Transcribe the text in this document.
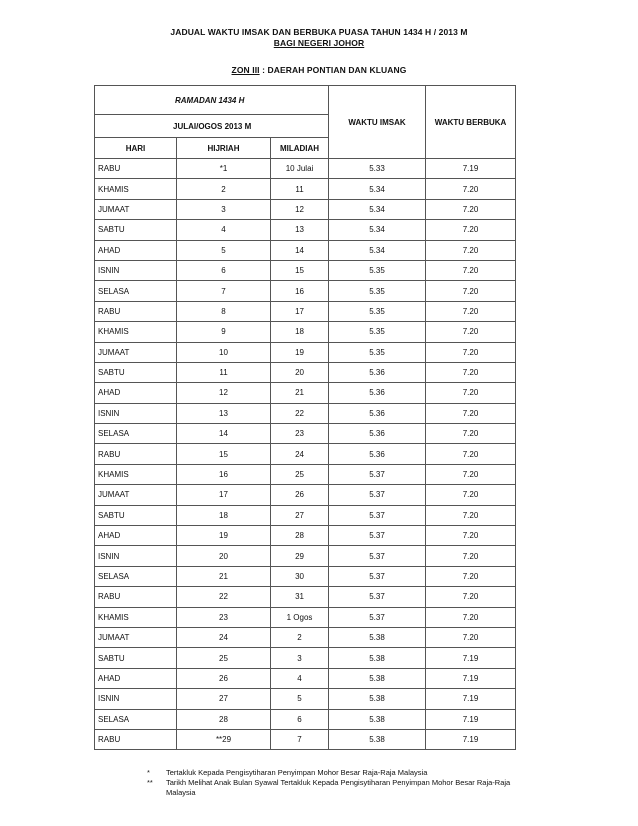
JADUAL WAKTU IMSAK DAN BERBUKA PUASA TAHUN 1434 H / 2013 M
BAGI NEGERI JOHOR
ZON III : DAERAH PONTIAN DAN KLUANG
RAMADAN 1434 H			WAKTU IMSAK	WAKTU BERBUKA
JULAI/OGOS 2013 M				
HARI	HIJRIAH	MILADIAH		
RABU	*1	10 Julai	5.33	7.19
KHAMIS	2	11	5.34	7.20
JUMAAT	3	12	5.34	7.20
SABTU	4	13	5.34	7.20
AHAD	5	14	5.34	7.20
ISNIN	6	15	5.35	7.20
SELASA	7	16	5.35	7.20
RABU	8	17	5.35	7.20
KHAMIS	9	18	5.35	7.20
JUMAAT	10	19	5.35	7.20
SABTU	11	20	5.36	7.20
AHAD	12	21	5.36	7.20
ISNIN	13	22	5.36	7.20
SELASA	14	23	5.36	7.20
RABU	15	24	5.36	7.20
KHAMIS	16	25	5.37	7.20
JUMAAT	17	26	5.37	7.20
SABTU	18	27	5.37	7.20
AHAD	19	28	5.37	7.20
ISNIN	20	29	5.37	7.20
SELASA	21	30	5.37	7.20
RABU	22	31	5.37	7.20
KHAMIS	23	1 Ogos	5.37	7.20
JUMAAT	24	2	5.38	7.20
SABTU	25	3	5.38	7.19
AHAD	26	4	5.38	7.19
ISNIN	27	5	5.38	7.19
SELASA	28	6	5.38	7.19
RABU	**29	7	5.38	7.19
*	Tertakluk Kepada Pengisytiharan Penyimpan Mohor Besar Raja-Raja Malaysia
**	Tarikh Melihat Anak Bulan Syawal Tertakluk Kepada Pengisytiharan Penyimpan Mohor Besar Raja-Raja Malaysia
